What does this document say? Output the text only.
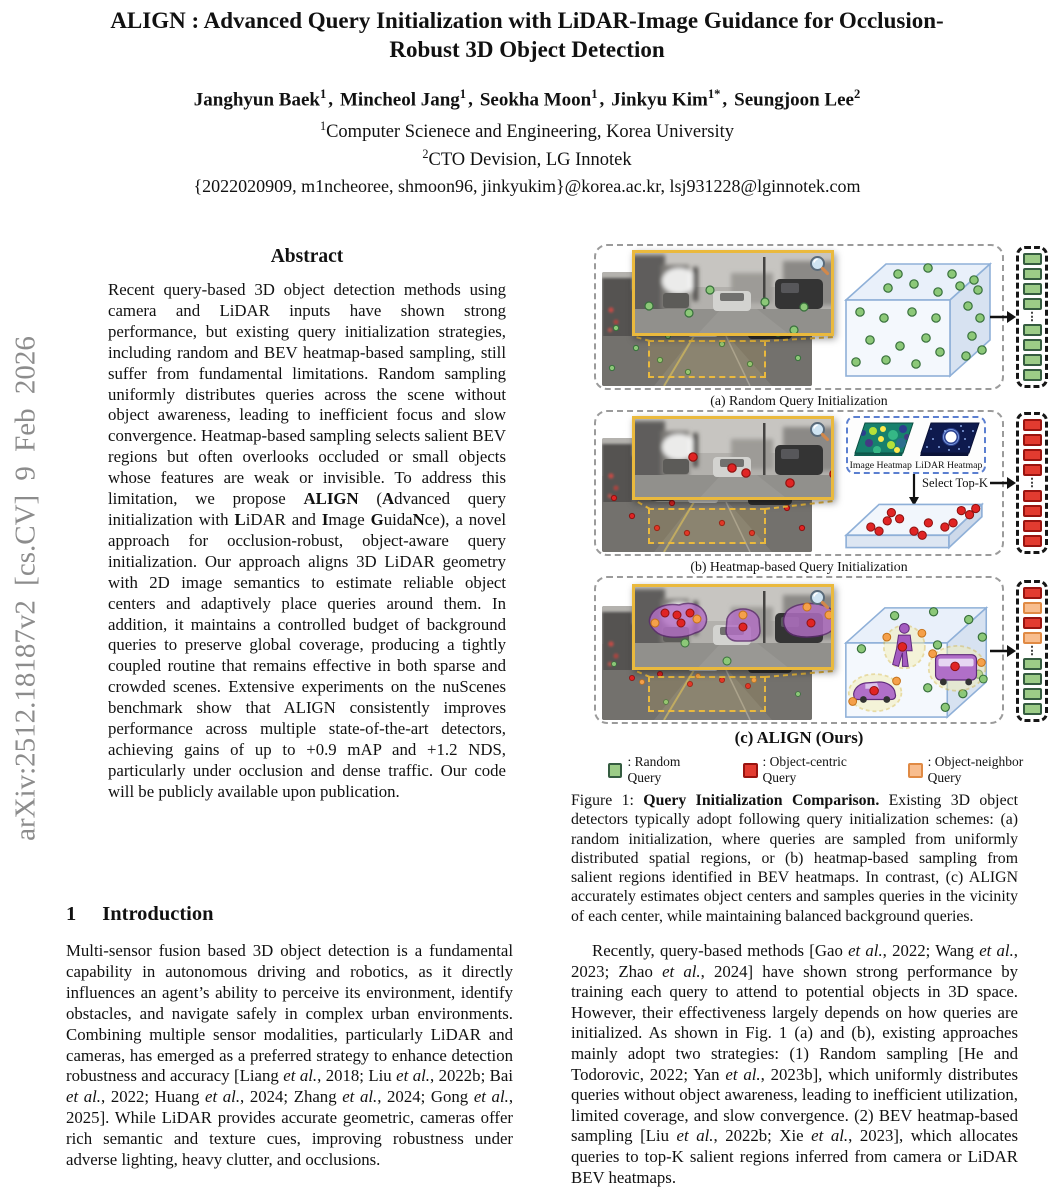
arXiv:2512.18187v2 [cs.CV] 9 Feb 2026
ALIGN : Advanced Query Initialization with LiDAR-Image Guidance for Occlusion-Robust 3D Object Detection
Janghyun Baek$^1$ , Mincheol Jang$^1$ , Seokha Moon$^1$ , Jinkyu Kim$^{1*}$ , Seungjoon Lee$^2$
$^1$Computer Scienece and Engineering, Korea University
$^2$CTO Devision, LG Innotek
{2022020909, m1ncheoree, shmoon96, jinkyukim}@korea.ac.kr, lsj931228@lginnotek.com
Abstract
Recent query-based 3D object detection methods using camera and LiDAR inputs have shown strong performance, but existing query initialization strategies, including random and BEV heatmap-based sampling, still suffer from fundamental limitations. Random sampling uniformly distributes queries across the scene without object awareness, leading to inefficient focus and slow convergence. Heatmap-based sampling selects salient BEV regions but often overlooks occluded or small objects whose features are weak or invisible. To address this limitation, we propose ALIGN (Advanced query initialization with LiDAR and Image GuidaNce), a novel approach for occlusion-robust, object-aware query initialization. Our approach aligns 3D LiDAR geometry with 2D image semantics to estimate reliable object centers and adaptively place queries around them. In addition, it maintains a controlled budget of background queries to preserve global coverage, producing a tightly coupled routine that remains effective in both sparse and crowded scenes. Extensive experiments on the nuScenes benchmark show that ALIGN consistently improves performance across multiple state-of-the-art detectors, achieving gains of up to +0.9 mAP and +1.2 NDS, particularly under occlusion and dense traffic. Our code will be publicly available upon publication.
1 Introduction
Multi-sensor fusion based 3D object detection is a fundamental capability in autonomous driving and robotics, as it directly influences an agent’s ability to perceive its environment, identify obstacles, and navigate safely in complex urban environments. Combining multiple sensor modalities, particularly LiDAR and cameras, has emerged as a preferred strategy to enhance detection robustness and accuracy [Liang et al., 2018; Liu et al., 2022b; Bai et al., 2022; Huang et al., 2024; Zhang et al., 2024; Gong et al., 2025]. While LiDAR provides accurate geometric, cameras offer rich semantic and texture cues, improving robustness under adverse lighting, heavy clutter, and occlusions.
⋮
(a) Random Query Initialization
Image Heatmap LiDAR Heatmap
Select Top-K	⋮
(b) Heatmap-based Query Initialization
⋮
(c) ALIGN (Ours)
: Random Query
: Object-centric Query
: Object-neighbor Query
Figure 1: Query Initialization Comparison. Existing 3D object detectors typically adopt following query initialization schemes: (a) random initialization, where queries are sampled from uniformly distributed spatial regions, or (b) heatmap-based sampling from salient regions identified in BEV heatmaps. In contrast, (c) ALIGN accurately estimates object centers and samples queries in the vicinity of each center, while maintaining balanced background queries.
Recently, query-based methods [Gao et al., 2022; Wang et al., 2023; Zhao et al., 2024] have shown strong performance by training each query to attend to potential objects in 3D space. However, their effectiveness largely depends on how queries are initialized. As shown in Fig. 1 (a) and (b), existing approaches mainly adopt two strategies: (1) Random sampling [He and Todorovic, 2022; Yan et al., 2023b], which uniformly distributes queries without object awareness, leading to inefficient utilization, limited coverage, and slow convergence. (2) BEV heatmap-based sampling [Liu et al., 2022b; Xie et al., 2023], which allocates queries to top-K salient regions inferred from camera or LiDAR BEV heatmaps.
